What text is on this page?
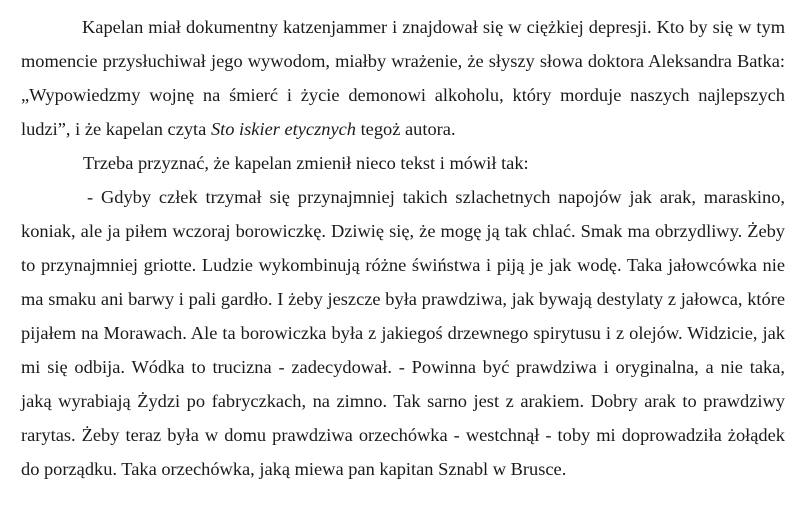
Kapelan miał dokumentny katzenjammer i znajdował się w ciężkiej depresji. Kto by się w tym momencie przysłuchiwał jego wywodom, miałby wrażenie, że słyszy słowa doktora Aleksandra Batka: „Wypowiedzmy wojnę na śmierć i życie demonowi alkoholu, który morduje naszych najlepszych ludzi”, i że kapelan czyta Sto iskier etycznych tegoż autora.

Trzeba przyznać, że kapelan zmienił nieco tekst i mówił tak:

- Gdyby człek trzymał się przynajmniej takich szlachetnych napojów jak arak, maraskino, koniak, ale ja piłem wczoraj borowiczkę. Dziwię się, że mogę ją tak chlać. Smak ma obrzydliwy. Żeby to przynajmniej griotte. Ludzie wykombinują różne świństwa i piją je jak wodę. Taka jałowcówka nie ma smaku ani barwy i pali gardło. I żeby jeszcze była prawdziwa, jak bywają destylaty z jałowca, które pijałem na Morawach. Ale ta borowiczka była z jakiegoś drzewnego spirytusu i z olejów. Widzicie, jak mi się odbija. Wódka to trucizna - zadecydował. - Powinna być prawdziwa i oryginalna, a nie taka, jaką wyrabiają Żydzi po fabryczkach, na zimno. Tak sarno jest z arakiem. Dobry arak to prawdziwy rarytas. Żeby teraz była w domu prawdziwa orzechówka - westchnął - toby mi doprowadziła żołądek do porządku. Taka orzechówka, jaką miewa pan kapitan Sznabl w Brusce.
